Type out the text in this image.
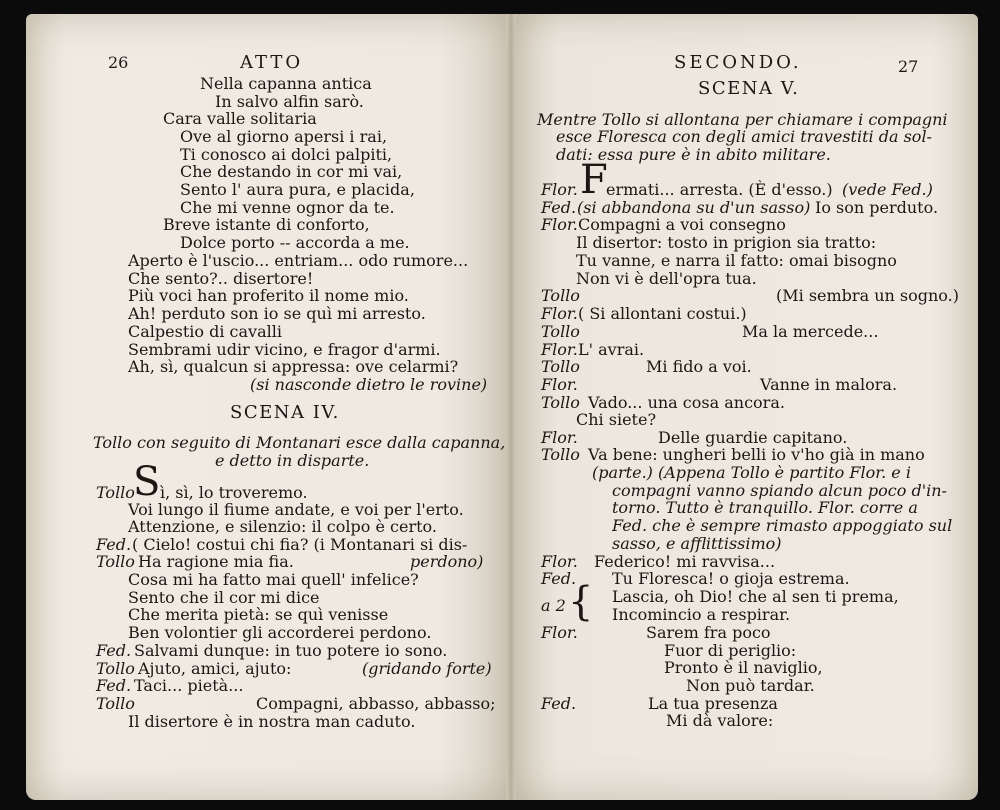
26	ATTO
Nella capanna antica
In salvo alfin sarò.
Cara valle solitaria
Ove al giorno apersi i rai,
Ti conosco ai dolci palpiti,
Che destando in cor mi vai,
Sento l' aura pura, e placida,
Che mi venne ognor da te.
Breve istante di conforto,
Dolce porto -- accorda a me.
Aperto è l'uscio... entriam... odo rumore...
Che sento?.. disertore!
Più voci han proferito il nome mio.
Ah! perduto son io se quì mi arresto.
Calpestio di cavalli
Sembrami udir vicino, e fragor d'armi.
Ah, sì, qualcun si appressa: ove celarmi?
(si nasconde dietro le rovine)
SCENA IV.
Tollo con seguito di Montanari esce dalla capanna,
e detto in disparte.
Tollo
S ì, sì, lo troveremo.
Voi lungo il fiume andate, e voi per l'erto.
Attenzione, e silenzio: il colpo è certo.
Fed. ( Cielo! costui chi fia? (i Montanari si dis-
Tollo Ha ragione mia fia.	perdono)
Cosa mi ha fatto mai quell' infelice?
Sento che il cor mi dice
Che merita pietà: se quì venisse
Ben volontier gli accorderei perdono.
Fed. Salvami dunque: in tuo potere io sono.
Tollo Ajuto, amici, ajuto:	(gridando forte)
Fed. Taci... pietà...
Tollo	Compagni, abbasso, abbasso;
Il disertore è in nostra man caduto.
SECONDO.	27
SCENA V.
Mentre Tollo si allontana per chiamare i compagni
esce Floresca con degli amici travestiti da sol-
dati: essa pure è in abito militare.
Flor. F
ermati... arresta. (È d'esso.) (vede Fed.)
Fed. (si abbandona su d'un sasso) Io son perduto.
Flor. Compagni a voi consegno
Il disertor: tosto in prigion sia tratto:
Tu vanne, e narra il fatto: omai bisogno
Non vi è dell'opra tua.
Tollo	(Mi sembra un sogno.)
Flor. ( Si allontani costui.)
Tollo	Ma la mercede...
Flor. L' avrai.
Tollo	Mi fido a voi.
Flor.	Vanne in malora.
Tollo Vado... una cosa ancora.
Chi siete?
Flor.	Delle guardie capitano.
Tollo Va bene: ungheri belli io v'ho già in mano
(parte.) (Appena Tollo è partito Flor. e i
compagni vanno spiando alcun poco d'in-
torno. Tutto è tranquillo. Flor. corre a
Fed. che è sempre rimasto appoggiato sul
sasso, e afflittissimo)
Flor. Federico! mi ravvisa...
Fed. Tu Floresca! o gioja estrema.
a 2 { Lascia, oh Dio! che al sen ti prema,
Incomincio a respirar.
Flor.	Sarem fra poco
Fuor di periglio:
Pronto è il naviglio,
Non può tardar.
Fed.	La tua presenza
Mi dà valore:
